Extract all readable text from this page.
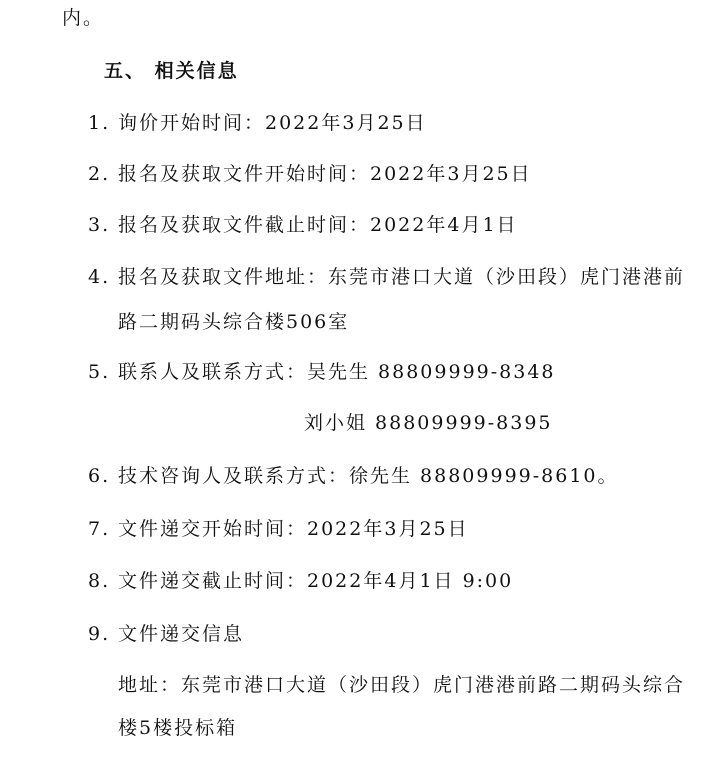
内。
五、 相关信息
1. 询价开始时间：2022年3月25日
2. 报名及获取文件开始时间：2022年3月25日
3. 报名及获取文件截止时间：2022年4月1日
4. 报名及获取文件地址：东莞市港口大道（沙田段）虎门港港前
路二期码头综合楼506室
5. 联系人及联系方式：吴先生 88809999-8348
刘小姐 88809999-8395
6. 技术咨询人及联系方式：徐先生 88809999-8610。
7. 文件递交开始时间：2022年3月25日
8. 文件递交截止时间：2022年4月1日 9:00
9. 文件递交信息
地址：东莞市港口大道（沙田段）虎门港港前路二期码头综合
楼5楼投标箱
